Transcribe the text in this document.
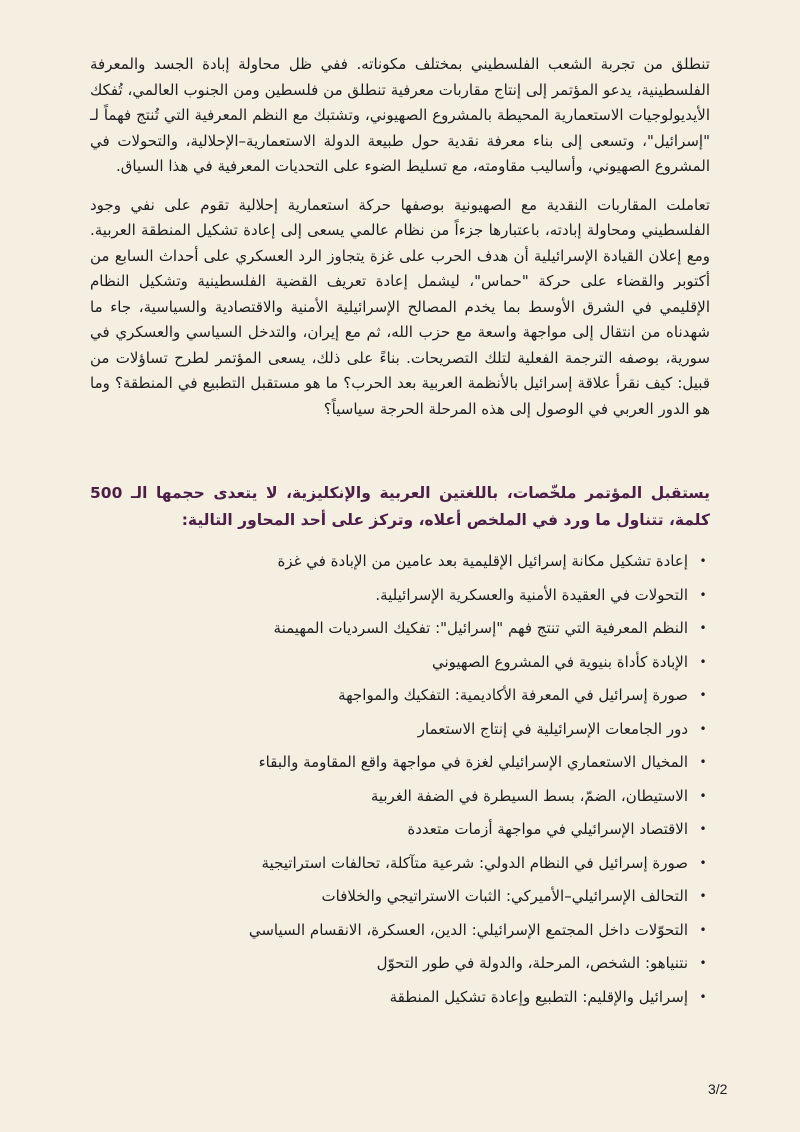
تنطلق من تجربة الشعب الفلسطيني بمختلف مكوناته. ففي ظل محاولة إبادة الجسد والمعرفة الفلسطينية، يدعو المؤتمر إلى إنتاج مقاربات معرفية تنطلق من فلسطين ومن الجنوب العالمي، تُفكك الأيديولوجيات الاستعمارية المحيطة بالمشروع الصهيوني، وتشتبك مع النظم المعرفية التي تُنتج فهماً لـ "إسرائيل"، وتسعى إلى بناء معرفة نقدية حول طبيعة الدولة الاستعمارية–الإحلالية، والتحولات في المشروع الصهيوني، وأساليب مقاومته، مع تسليط الضوء على التحديات المعرفية في هذا السياق.

تعاملت المقاربات النقدية مع الصهيونية بوصفها حركة استعمارية إحلالية تقوم على نفي وجود الفلسطيني ومحاولة إبادته، باعتبارها جزءاً من نظام عالمي يسعى إلى إعادة تشكيل المنطقة العربية. ومع إعلان القيادة الإسرائيلية أن هدف الحرب على غزة يتجاوز الرد العسكري على أحداث السابع من أكتوبر والقضاء على حركة "حماس"، ليشمل إعادة تعريف القضية الفلسطينية وتشكيل النظام الإقليمي في الشرق الأوسط بما يخدم المصالح الإسرائيلية الأمنية والاقتصادية والسياسية، جاء ما شهدناه من انتقال إلى مواجهة واسعة مع حزب الله، ثم مع إيران، والتدخل السياسي والعسكري في سورية، بوصفه الترجمة الفعلية لتلك التصريحات. بناءً على ذلك، يسعى المؤتمر لطرح تساؤلات من قبيل: كيف نقرأ علاقة إسرائيل بالأنظمة العربية بعد الحرب؟ ما هو مستقبل التطبيع في المنطقة؟ وما هو الدور العربي في الوصول إلى هذه المرحلة الحرجة سياسياً؟

يستقبل المؤتمر ملخّصات، باللغتين العربية والإنكليزية، لا يتعدى حجمها الـ 500 كلمة، تتناول ما ورد في الملخص أعلاه، وتركز على أحد المحاور التالية:

•
إعادة تشكيل مكانة إسرائيل الإقليمية بعد عامين من الإبادة في غزة
•
التحولات في العقيدة الأمنية والعسكرية الإسرائيلية.
•
النظم المعرفية التي تنتج فهم "إسرائيل": تفكيك السرديات المهيمنة
•
الإبادة كأداة بنيوية في المشروع الصهيوني
•
صورة إسرائيل في المعرفة الأكاديمية: التفكيك والمواجهة
•
دور الجامعات الإسرائيلية في إنتاج الاستعمار
•
المخيال الاستعماري الإسرائيلي لغزة في مواجهة واقع المقاومة والبقاء
•
الاستيطان، الضمّ، بسط السيطرة في الضفة الغربية
•
الاقتصاد الإسرائيلي في مواجهة أزمات متعددة
•
صورة إسرائيل في النظام الدولي: شرعية متآكلة، تحالفات استراتيجية
•
التحالف الإسرائيلي–الأميركي: الثبات الاستراتيجي والخلافات
•
التحوّلات داخل المجتمع الإسرائيلي: الدين، العسكرة، الانقسام السياسي
•
نتنياهو: الشخص، المرحلة، والدولة في طور التحوّل
•
إسرائيل والإقليم: التطبيع وإعادة تشكيل المنطقة
3/2
